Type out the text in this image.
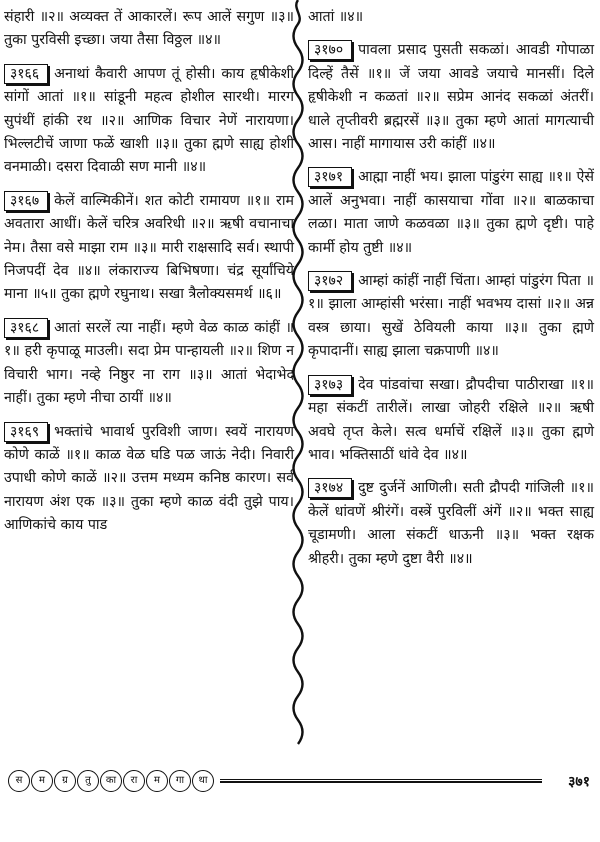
संहारी ॥२॥ अव्यक्त तें आकारलें। रूप आलें सगुण ॥३॥ तुका पुरविसी इच्छा। जया तैसा विठ्ठल ॥४॥

३१६६ अनाथां कैवारी आपण तूं होसी। काय हृषीकेशी सांगों आतां ॥१॥ सांडूनी महत्व होशील सारथी। मारग सुपंथीं हांकी रथ ॥२॥ आणिक विचार नेणें नारायणा। भिल्लटीचें जाणा फळें खाशी ॥३॥ तुका ह्मणे साह्य होशी वनमाळी। दसरा दिवाळी सण मानी ॥४॥

३१६७ केलें वाल्मिकीनें। शत कोटी रामायण ॥१॥ राम अवतारा आधीं। केलें चरित्र अवरिधी ॥२॥ ऋषी वचानाचा नेम। तैसा वसे माझा राम ॥३॥ मारी राक्षसादि सर्व। स्थापी निजपदीं देव ॥४॥ लंकाराज्य बिभिषणा। चंद्र सूर्यांचिये माना ॥५॥ तुका ह्मणे रघुनाथ। सखा त्रैलोक्यसमर्थ ॥६॥

३१६८ आतां सरलें त्या नाहीं। म्हणे वेळ काळ कांहीं ॥१॥ हरी कृपाळू माउली। सदा प्रेम पान्हायली ॥२॥ शिण न विचारी भाग। नव्हे निष्ठुर ना राग ॥३॥ आतां भेदाभेद नाहीं। तुका म्हणे नीचा ठायीं ॥४॥

३१६९ भक्तांचे भावार्थ पुरविशी जाण। स्वयें नारायण कोणे काळें ॥१॥ काळ वेळ घडि पळ जाऊं नेदी। निवारी उपाधी कोणे काळें ॥२॥ उत्तम मध्यम कनिष्ठ कारण। सर्व नारायण अंश एक ॥३॥ तुका म्हणे काळ वंदी तुझे पाय। आणिकांचे काय पाड

आतां ॥४॥

३१७० पावला प्रसाद पुसती सकळां। आवडी गोपाळा दिल्हें तैसें ॥१॥ जें जया आवडे जयाचे मानसीं। दिले हृषीकेशी न कळतां ॥२॥ सप्रेम आनंद सकळां अंतरीं। धाले तृप्तीवरी ब्रह्मरसें ॥३॥ तुका म्हणे आतां मागत्याची आस। नाहीं मागायास उरी कांहीं ॥४॥

३१७१ आह्मा नाहीं भय। झाला पांडुरंग साह्य ॥१॥ ऐसें आलें अनुभवा। नाहीं कासयाचा गोंवा ॥२॥ बाळकाचा लळा। माता जाणे कळवळा ॥३॥ तुका ह्मणे दृष्टी। पाहे कार्मी होय तुष्टी ॥४॥

३१७२ आम्हां कांहीं नाहीं चिंता। आम्हां पांडुरंग पिता ॥१॥ झाला आम्हांसी भरंसा। नाहीं भवभय दासां ॥२॥ अन्न वस्त्र छाया। सुखें ठेवियली काया ॥३॥ तुका ह्मणे कृपादानीं। साह्य झाला चक्रपाणी ॥४॥

३१७३ देव पांडवांचा सखा। द्रौपदीचा पाठीराखा ॥१॥ महा संकटीं तारीलें। लाखा जोहरी रक्षिले ॥२॥ ऋषी अवघे तृप्त केले। सत्व धर्माचें रक्षिलें ॥३॥ तुका ह्मणे भाव। भक्तिसाठीं धांवे देव ॥४॥

३१७४ दुष्ट दुर्जनें आणिली। सती द्रौपदी गांजिली ॥१॥ केलें धांवणें श्रीरंगें। वस्त्रें पुरविलीं अंगें ॥२॥ भक्त साह्य चूडामणी। आला संकटीं धाऊनी ॥३॥ भक्त रक्षक श्रीहरी। तुका म्हणे दुष्टा वैरी ॥४॥

स	म	ग्र	तु	का	रा	म	गा	था	३७१
